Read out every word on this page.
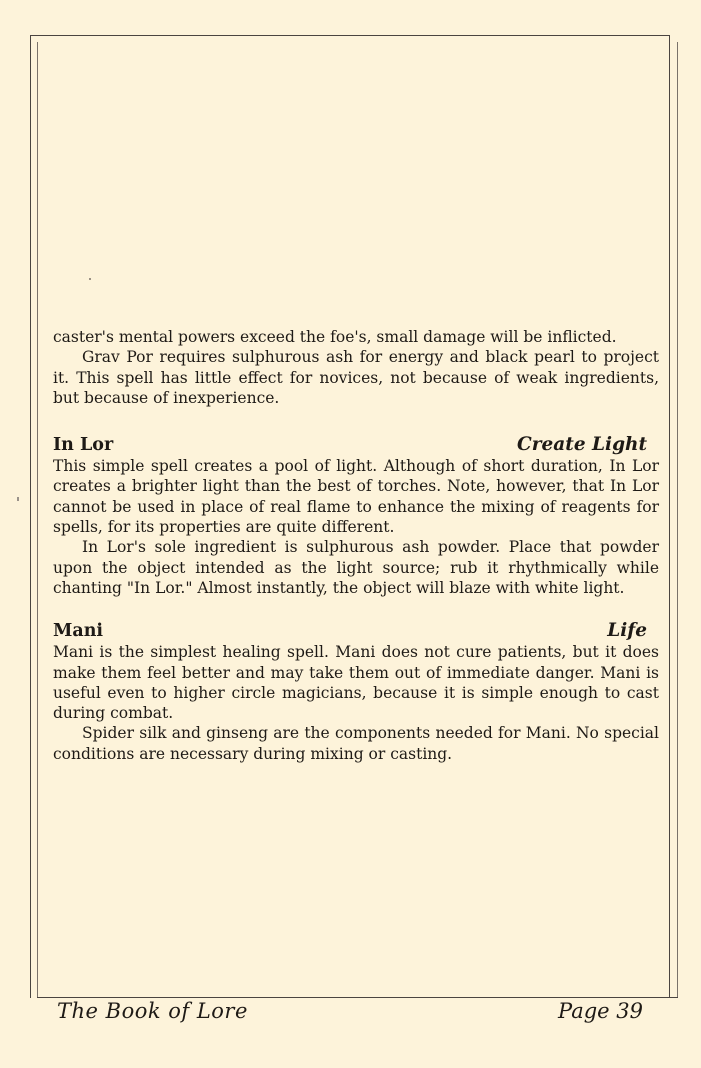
caster's mental powers exceed the foe's, small damage will be inflicted.

Grav Por requires sulphurous ash for energy and black pearl to project it. This spell has little effect for novices, not because of weak ingredients, but because of inexperience.

In Lor	Create Light

This simple spell creates a pool of light. Although of short duration, In Lor creates a brighter light than the best of torches. Note, however, that In Lor cannot be used in place of real flame to enhance the mixing of reagents for spells, for its properties are quite different.

In Lor's sole ingredient is sulphurous ash powder. Place that powder upon the object intended as the light source; rub it rhythmically while chanting "In Lor." Almost instantly, the object will blaze with white light.

Mani	Life

Mani is the simplest healing spell. Mani does not cure patients, but it does make them feel better and may take them out of immediate danger. Mani is useful even to higher circle magicians, because it is simple enough to cast during combat.

Spider silk and ginseng are the components needed for Mani. No special conditions are necessary during mixing or casting.

The Book of Lore	Page 39
